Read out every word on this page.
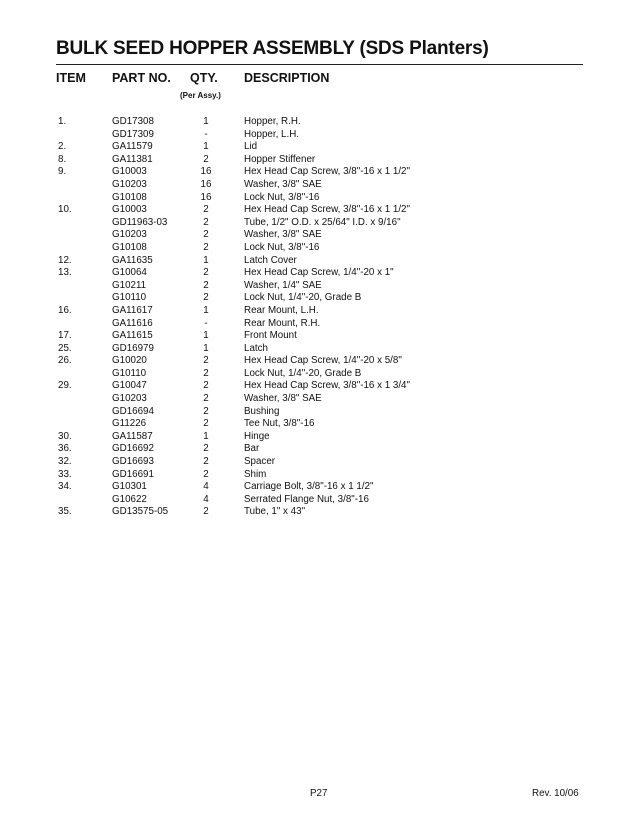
BULK SEED HOPPER ASSEMBLY (SDS Planters)
ITEM PART NO. QTY.
(Per Assy.)
DESCRIPTION
1.	GD17308	1	Hopper, R.H.
GD17309	-	Hopper, L.H.
2.	GA11579	1	Lid
8.	GA11381	2	Hopper Stiffener
9.	G10003	16	Hex Head Cap Screw, 3/8"-16 x 1 1/2"
G10203	16	Washer, 3/8" SAE
G10108	16	Lock Nut, 3/8"-16
10.	G10003	2	Hex Head Cap Screw, 3/8"-16 x 1 1/2"
GD11963-03	2	Tube, 1/2" O.D. x 25/64" I.D. x 9/16"
G10203	2	Washer, 3/8" SAE
G10108	2	Lock Nut, 3/8"-16
12.	GA11635	1	Latch Cover
13.	G10064	2	Hex Head Cap Screw, 1/4"-20 x 1"
G10211	2	Washer, 1/4" SAE
G10110	2	Lock Nut, 1/4"-20, Grade B
16.	GA11617	1	Rear Mount, L.H.
GA11616	-	Rear Mount, R.H.
17.	GA11615	1	Front Mount
25.	GD16979	1	Latch
26.	G10020	2	Hex Head Cap Screw, 1/4"-20 x 5/8"
G10110	2	Lock Nut, 1/4"-20, Grade B
29.	G10047	2	Hex Head Cap Screw, 3/8"-16 x 1 3/4"
G10203	2	Washer, 3/8" SAE
GD16694	2	Bushing
G11226	2	Tee Nut, 3/8"-16
30.	GA11587	1	Hinge
36.	GD16692	2	Bar
32.	GD16693	2	Spacer
33.	GD16691	2	Shim
34.	G10301	4	Carriage Bolt, 3/8"-16 x 1 1/2"
G10622	4	Serrated Flange Nut, 3/8"-16
35.	GD13575-05	2	Tube, 1" x 43"
P27	Rev. 10/06
